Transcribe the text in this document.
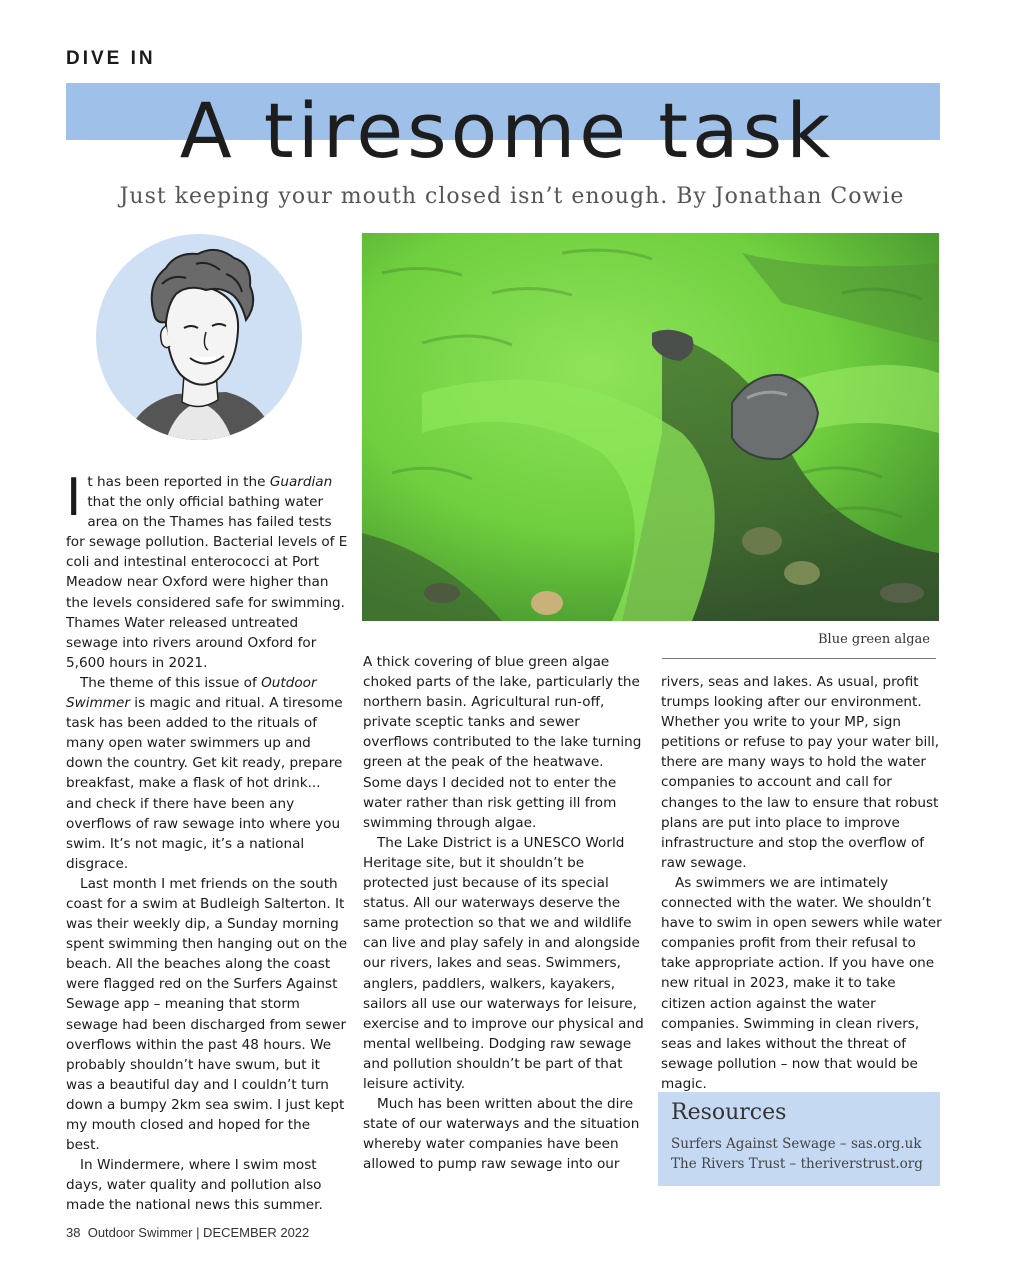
DIVE IN
A tiresome task
Just keeping your mouth closed isn’t enough. By Jonathan Cowie
Blue green algae

It has been reported in the Guardian that the only official bathing water area on the Thames has failed tests for sewage pollution. Bacterial levels of E coli and intestinal enterococci at Port Meadow near Oxford were higher than the levels considered safe for swimming. Thames Water released untreated sewage into rivers around Oxford for 5,600 hours in 2021.

The theme of this issue of Outdoor Swimmer is magic and ritual. A tiresome task has been added to the rituals of many open water swimmers up and down the country. Get kit ready, prepare breakfast, make a flask of hot drink... and check if there have been any overflows of raw sewage into where you swim. It’s not magic, it’s a national disgrace.

Last month I met friends on the south coast for a swim at Budleigh Salterton. It was their weekly dip, a Sunday morning spent swimming then hanging out on the beach. All the beaches along the coast were flagged red on the Surfers Against Sewage app – meaning that storm sewage had been discharged from sewer overflows within the past 48 hours. We probably shouldn’t have swum, but it was a beautiful day and I couldn’t turn down a bumpy 2km sea swim. I just kept my mouth closed and hoped for the best.

In Windermere, where I swim most days, water quality and pollution also made the national news this summer.

A thick covering of blue green algae choked parts of the lake, particularly the northern basin. Agricultural run-off, private sceptic tanks and sewer overflows contributed to the lake turning green at the peak of the heatwave. Some days I decided not to enter the water rather than risk getting ill from swimming through algae.

The Lake District is a UNESCO World Heritage site, but it shouldn’t be protected just because of its special status. All our waterways deserve the same protection so that we and wildlife can live and play safely in and alongside our rivers, lakes and seas. Swimmers, anglers, paddlers, walkers, kayakers, sailors all use our waterways for leisure, exercise and to improve our physical and mental wellbeing. Dodging raw sewage and pollution shouldn’t be part of that leisure activity.

Much has been written about the dire state of our waterways and the situation whereby water companies have been allowed to pump raw sewage into our

rivers, seas and lakes. As usual, profit trumps looking after our environment. Whether you write to your MP, sign petitions or refuse to pay your water bill, there are many ways to hold the water companies to account and call for changes to the law to ensure that robust plans are put into place to improve infrastructure and stop the overflow of raw sewage.

As swimmers we are intimately connected with the water. We shouldn’t have to swim in open sewers while water companies profit from their refusal to take appropriate action. If you have one new ritual in 2023, make it to take citizen action against the water companies. Swimming in clean rivers, seas and lakes without the threat of sewage pollution – now that would be magic.

Resources
Surfers Against Sewage – sas.org.uk
The Rivers Trust – theriverstrust.org
38 Outdoor Swimmer | DECEMBER 2022
